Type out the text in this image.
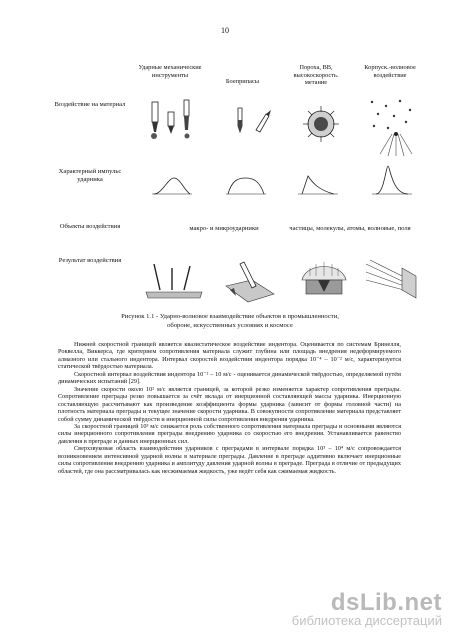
10
Ударные механические инструменты
Боеприпасы
Пороха, ВВ, высокоскорость. метание
Корпуск.-волновое воздействие
Воздействие на материал
Характерный импульс ударника
Объекты воздействия
Результат воздействия
макро- и микроударники	частицы, молекулы, атомы, волновые, поля
Рисунок 1.1 - Ударно-волновое взаимодействие объектов в промышленности,
обороне, искусственных условиях и космосе

Нижней скоростной границей является квазистатическое воздействие индентора. Оценивается по системам Бринелля, Роквелла, Виккерса, где критерием сопротивления материала служит глубина или площадь внедрения недеформируемого алмазного или стального индентора. Интервал скоростей воздействия индентора порядка 10⁻⁴ – 10⁻² м/с, характеризуется статической твёрдостью материала.

Скоростной интервал воздействия индентора 10⁻² – 10 м/с - оценивается динамической твёрдостью, определяемой путём динамических испытаний [29].

Значение скорости около 10² м/с является границей, за которой резко изменяется характер сопротивления преграды. Сопротивление преграды резко повышается за счёт вклада от инерционной составляющей массы ударника. Инерционную составляющую рассчитывают как произведение коэффициента формы ударника (зависит от формы головной части) на плотность материала преграды и текущее значение скорости ударника. В совокупности сопротивление материала представляет собой сумму динамической твёрдости и инерционной силы сопротивления внедрения ударника.

За скоростной границей 10³ м/с снижается роль собственного сопротивления материала преграды и основными являются силы инерционного сопротивления преграды внедрению ударника со скоростью его внедрения. Устанавливается равенство давления в преграде и данных инерционных сил.

Сверхзвуковая область взаимодействия ударников с преградами в интервале порядка 10³ – 10⁴ м/с сопровождается возникновением интенсивной ударной волны в материале преграды. Давление в преграде аддитивно включает инерционные силы сопротивления внедрению ударника и амплитуду давления ударной волны в преграде. Преграда в отличие от предыдущих областей, где она рассматривалась как несжимаемая жидкость, уже ведёт себя как сжимаемая жидкость.

dsLib.net
библиотека диссертаций
